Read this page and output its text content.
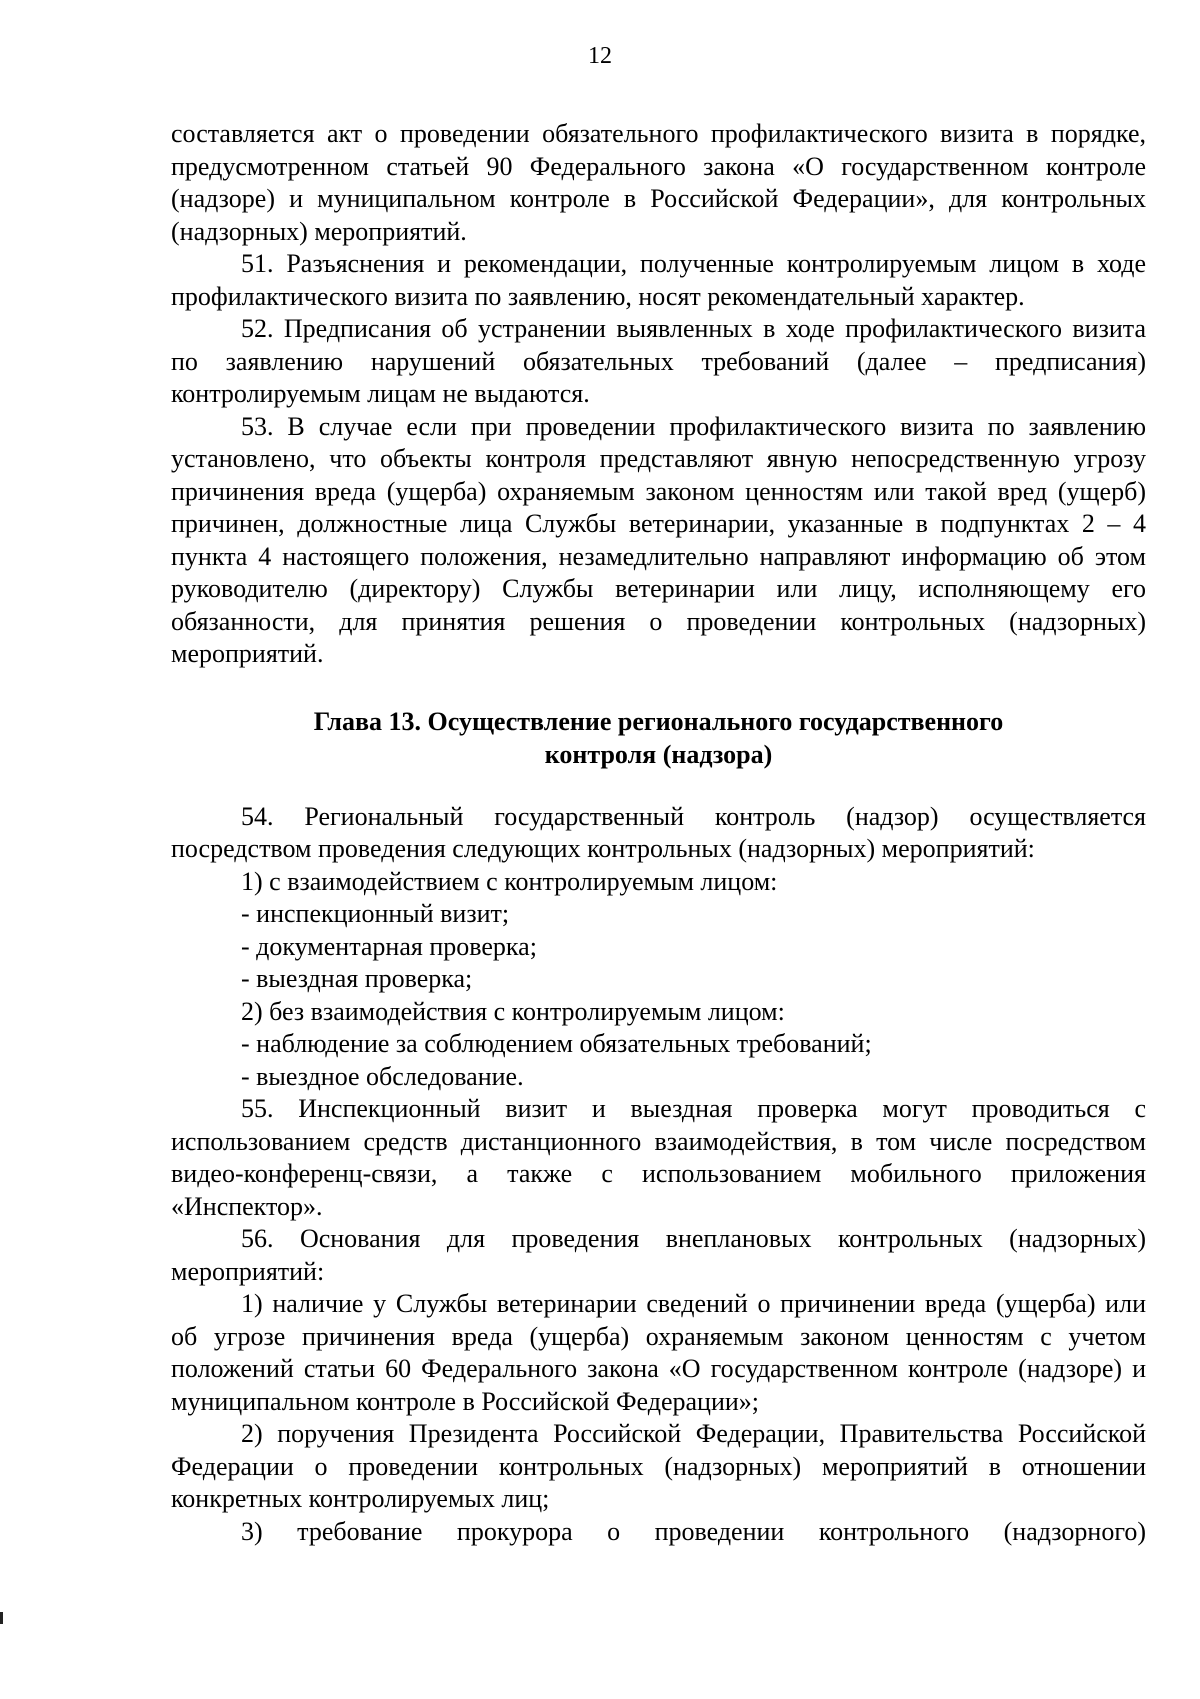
12

составляется акт о проведении обязательного профилактического визита в порядке, предусмотренном статьей 90 Федерального закона «О государственном контроле (надзоре) и муниципальном контроле в Российской Федерации», для контрольных (надзорных) мероприятий.

51. Разъяснения и рекомендации, полученные контролируемым лицом в ходе профилактического визита по заявлению, носят рекомендательный характер.

52. Предписания об устранении выявленных в ходе профилактического визита по заявлению нарушений обязательных требований (далее – предписания) контролируемым лицам не выдаются.

53. В случае если при проведении профилактического визита по заявлению установлено, что объекты контроля представляют явную непосредственную угрозу причинения вреда (ущерба) охраняемым законом ценностям или такой вред (ущерб) причинен, должностные лица Службы ветеринарии, указанные в подпунктах 2 – 4 пункта 4 настоящего положения, незамедлительно направляют информацию об этом руководителю (директору) Службы ветеринарии или лицу, исполняющему его обязанности, для принятия решения о проведении контрольных (надзорных) мероприятий.

Глава 13. Осуществление регионального государственного
контроля (надзора)

54. Региональный государственный контроль (надзор) осуществляется посредством проведения следующих контрольных (надзорных) мероприятий:

1) с взаимодействием с контролируемым лицом:
- инспекционный визит;
- документарная проверка;
- выездная проверка;
2) без взаимодействия с контролируемым лицом:
- наблюдение за соблюдением обязательных требований;
- выездное обследование.

55. Инспекционный визит и выездная проверка могут проводиться с использованием средств дистанционного взаимодействия, в том числе посредством видео-конференц-связи, а также с использованием мобильного приложения «Инспектор».

56. Основания для проведения внеплановых контрольных (надзорных) мероприятий:

1) наличие у Службы ветеринарии сведений о причинении вреда (ущерба) или об угрозе причинения вреда (ущерба) охраняемым законом ценностям с учетом положений статьи 60 Федерального закона «О государственном контроле (надзоре) и муниципальном контроле в Российской Федерации»;

2) поручения Президента Российской Федерации, Правительства Российской Федерации о проведении контрольных (надзорных) мероприятий в отношении конкретных контролируемых лиц;

3) требование прокурора о проведении контрольного (надзорного)
